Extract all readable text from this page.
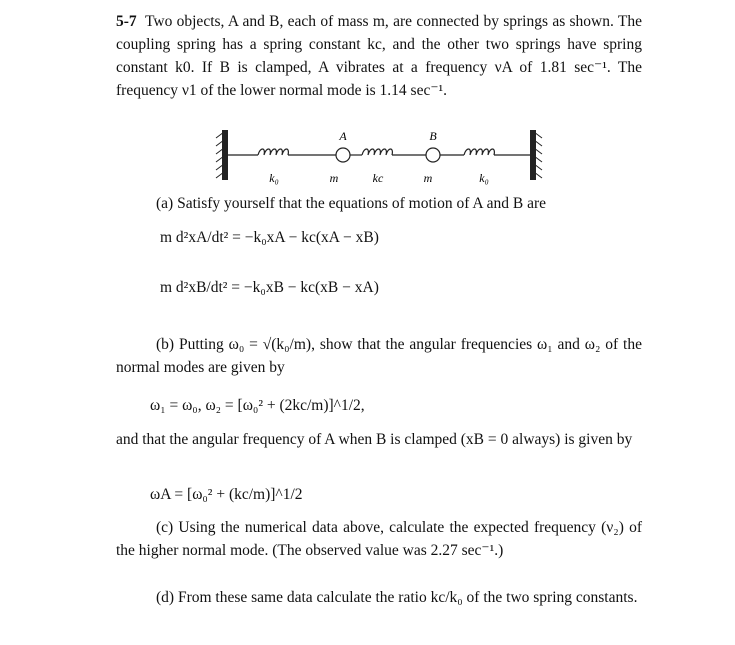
5-7 Two objects, A and B, each of mass m, are connected by springs as shown. The coupling spring has a spring constant kc, and the other two springs have spring constant k0. If B is clamped, A vibrates at a frequency νA of 1.81 sec⁻¹. The frequency ν1 of the lower normal mode is 1.14 sec⁻¹.
A	B
k₀	m	kc	m	k₀
(a) Satisfy yourself that the equations of motion of A and B are
m d²xA/dt² = −k₀xA − kc(xA − xB)
m d²xB/dt² = −k₀xB − kc(xB − xA)
(b) Putting ω₀ = √(k₀/m), show that the angular frequencies ω₁ and ω₂ of the normal modes are given by
ω₁ = ω₀, ω₂ = [ω₀² + (2kc/m)]^1/2,
and that the angular frequency of A when B is clamped (xB = 0 always) is given by
ωA = [ω₀² + (kc/m)]^1/2
(c) Using the numerical data above, calculate the expected frequency (ν₂) of the higher normal mode. (The observed value was 2.27 sec⁻¹.)
(d) From these same data calculate the ratio kc/k₀ of the two spring constants.
